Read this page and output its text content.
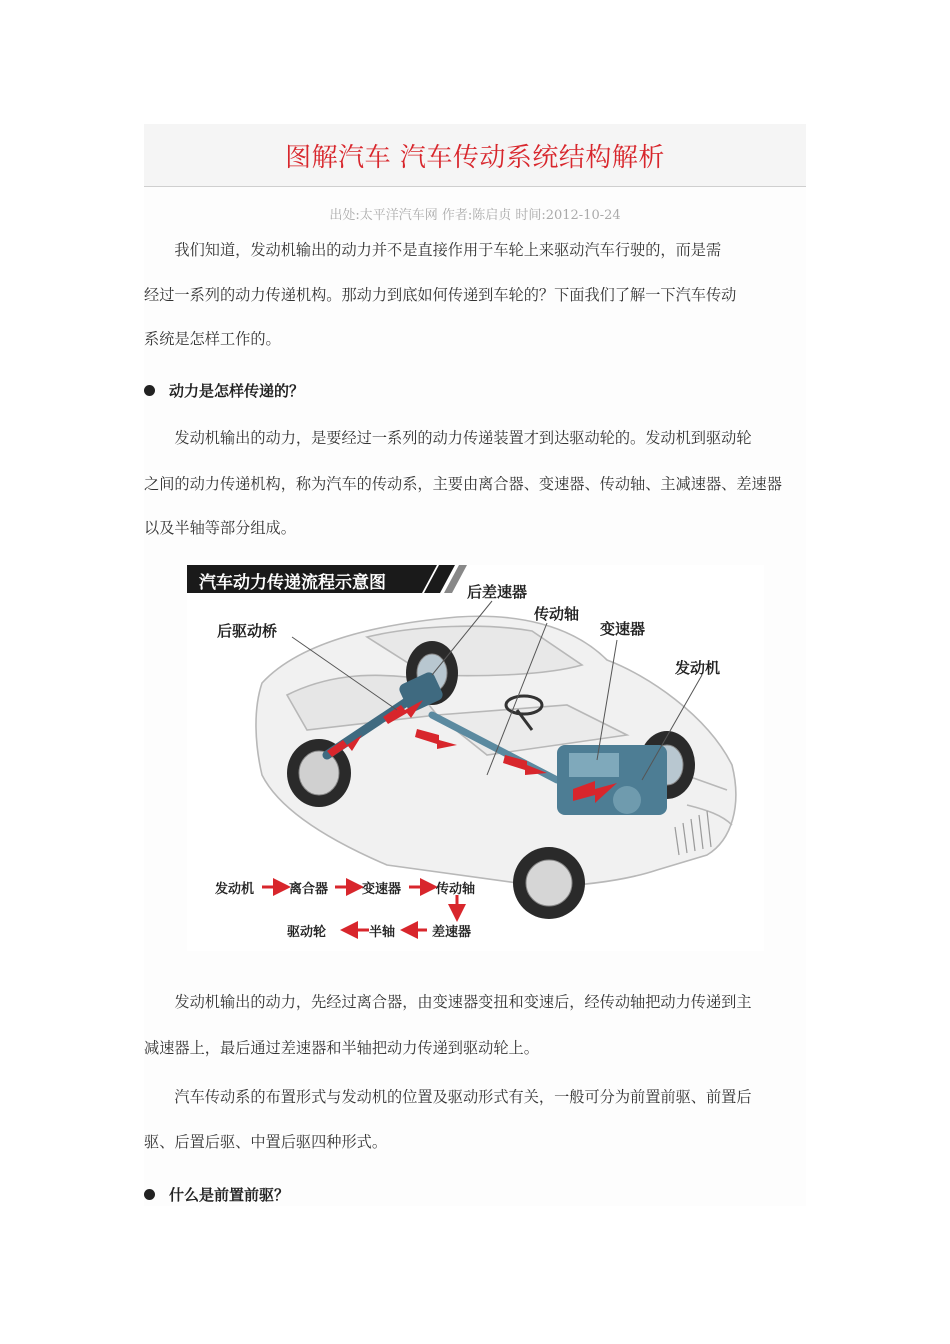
图解汽车 汽车传动系统结构解析
出处:太平洋汽车网 作者:陈启贞 时间:2012-10-24

　　我们知道，发动机输出的动力并不是直接作用于车轮上来驱动汽车行驶的，而是需

经过一系列的动力传递机构。那动力到底如何传递到车轮的？下面我们了解一下汽车传动

系统是怎样工作的。

动力是怎样传递的？

　　发动机输出的动力，是要经过一系列的动力传递装置才到达驱动轮的。发动机到驱动轮

之间的动力传递机构，称为汽车的传动系，主要由离合器、变速器、传动轴、主减速器、差速器

以及半轴等部分组成。

汽车动力传递流程示意图	后差速器
传动轴
变速器
后驱动桥
发动机
发动机	离合器	变速器	传动轴
差速器
半轴
驱动轮

　　发动机输出的动力，先经过离合器，由变速器变扭和变速后，经传动轴把动力传递到主

减速器上，最后通过差速器和半轴把动力传递到驱动轮上。

　　汽车传动系的布置形式与发动机的位置及驱动形式有关，一般可分为前置前驱、前置后

驱、后置后驱、中置后驱四种形式。

什么是前置前驱？
